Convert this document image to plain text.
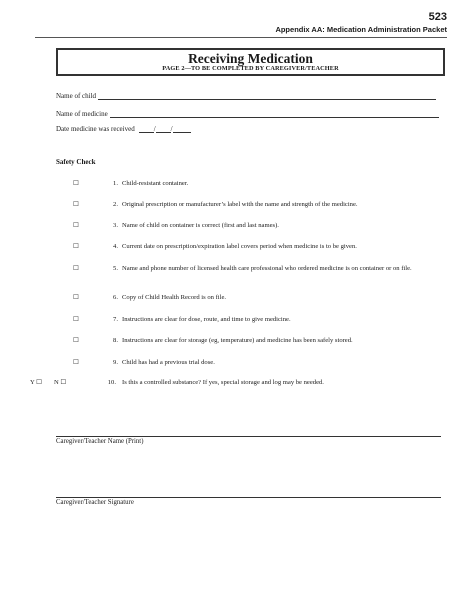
523
Appendix AA: Medication Administration Packet
Receiving Medication
PAGE 2—TO BE COMPLETED BY CAREGIVER/TEACHER
Name of child
Name of medicine
Date medicine was received	/ /
Safety Check
☐	1. Child-resistant container.
☐	2. Original prescription or manufacturer’s label with the name and strength of the medicine.
☐	3. Name of child on container is correct (first and last names).
☐	4. Current date on prescription/expiration label covers period when medicine is to be given.
☐	5. Name and phone number of licensed health care professional who ordered medicine is on container or on file.
☐	6. Copy of Child Health Record is on file.
☐	7. Instructions are clear for dose, route, and time to give medicine.
☐	8. Instructions are clear for storage (eg, temperature) and medicine has been safely stored.
☐	9. Child has had a previous trial dose.
Y ☐ N ☐	10. Is this a controlled substance? If yes, special storage and log may be needed.
Caregiver/Teacher Name (Print)
Caregiver/Teacher Signature
